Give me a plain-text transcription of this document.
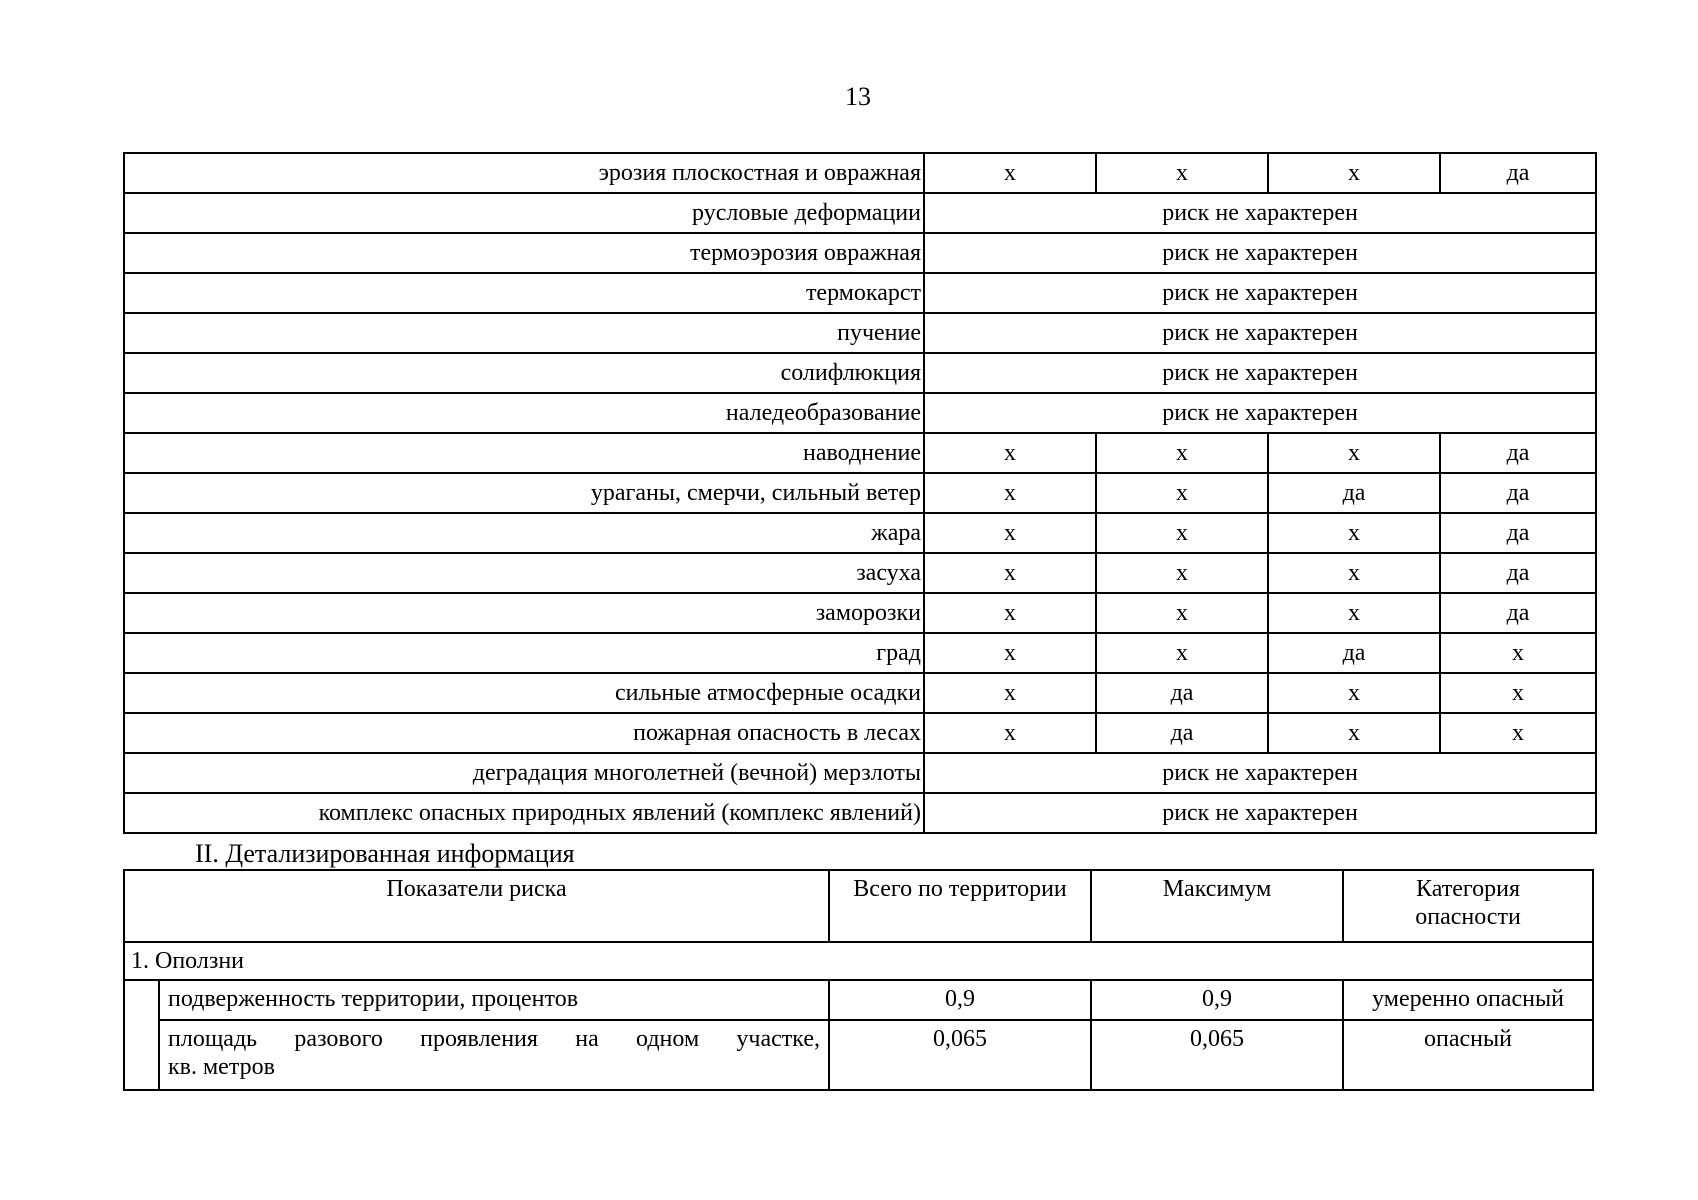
13
эрозия плоскостная и овражная	х	х	х	да
русловые деформации	риск не характерен			
термоэрозия овражная	риск не характерен			
термокарст	риск не характерен			
пучение	риск не характерен			
солифлюкция	риск не характерен			
наледеобразование	риск не характерен			
наводнение	х	х	х	да
ураганы, смерчи, сильный ветер	х	х	да	да
жара	х	х	х	да
засуха	х	х	х	да
заморозки	х	х	х	да
град	х	х	да	х
сильные атмосферные осадки	х	да	х	х
пожарная опасность в лесах	х	да	х	х
деградация многолетней (вечной) мерзлоты	риск не характерен			
комплекс опасных природных явлений (комплекс явлений)	риск не характерен			
II. Детализированная информация
Показатели риска		Всего по территории	Максимум	Категория
опасности
1. Оползни				
	подверженность территории, процентов	0,9	0,9	умеренно опасный

	площадь разового проявления на одном участке,
кв. метров	0,065	0,065	опасный
